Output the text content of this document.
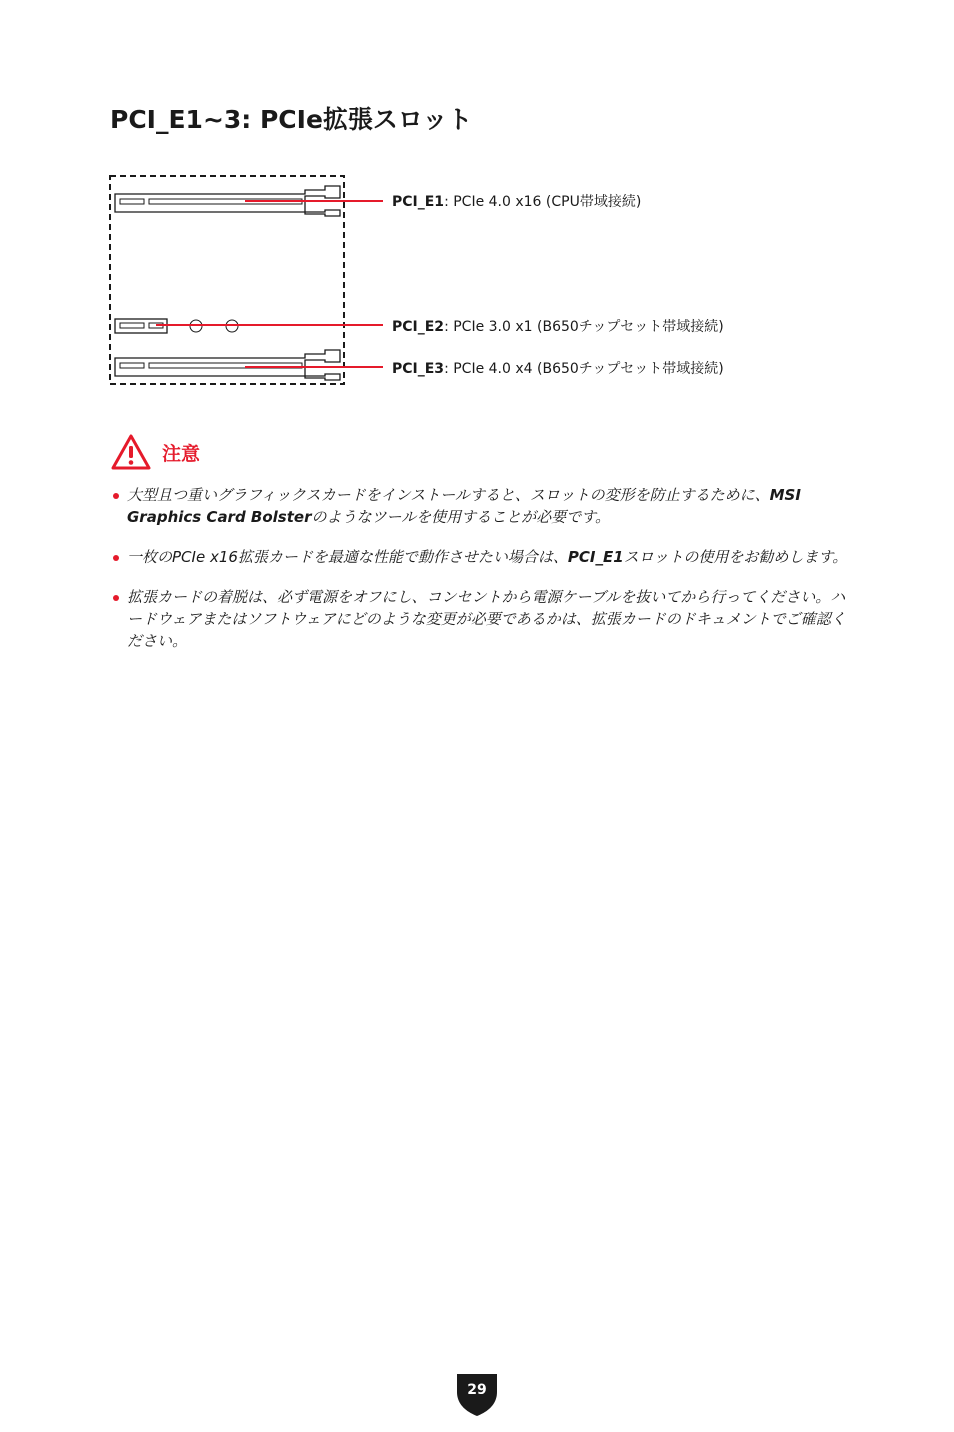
PCI_E1~3: PCIe拡張スロット
PCI_E1: PCIe 4.0 x16 (CPU帯域接続)
PCI_E2: PCIe 3.0 x1 (B650チップセット帯域接続)
PCI_E3: PCIe 4.0 x4 (B650チップセット帯域接続)
注意
大型且つ重いグラフィックスカードをインストールすると、スロットの変形を防止するために、MSI Graphics Card Bolsterのようなツールを使用することが必要です。
一枚のPCIe x16拡張カードを最適な性能で動作させたい場合は、PCI_E1スロットの使用をお勧めします。
拡張カードの着脱は、必ず電源をオフにし、コンセントから電源ケーブルを抜いてから行ってください。ハードウェアまたはソフトウェアにどのような変更が必要であるかは、拡張カードのドキュメントでご確認ください。
29
